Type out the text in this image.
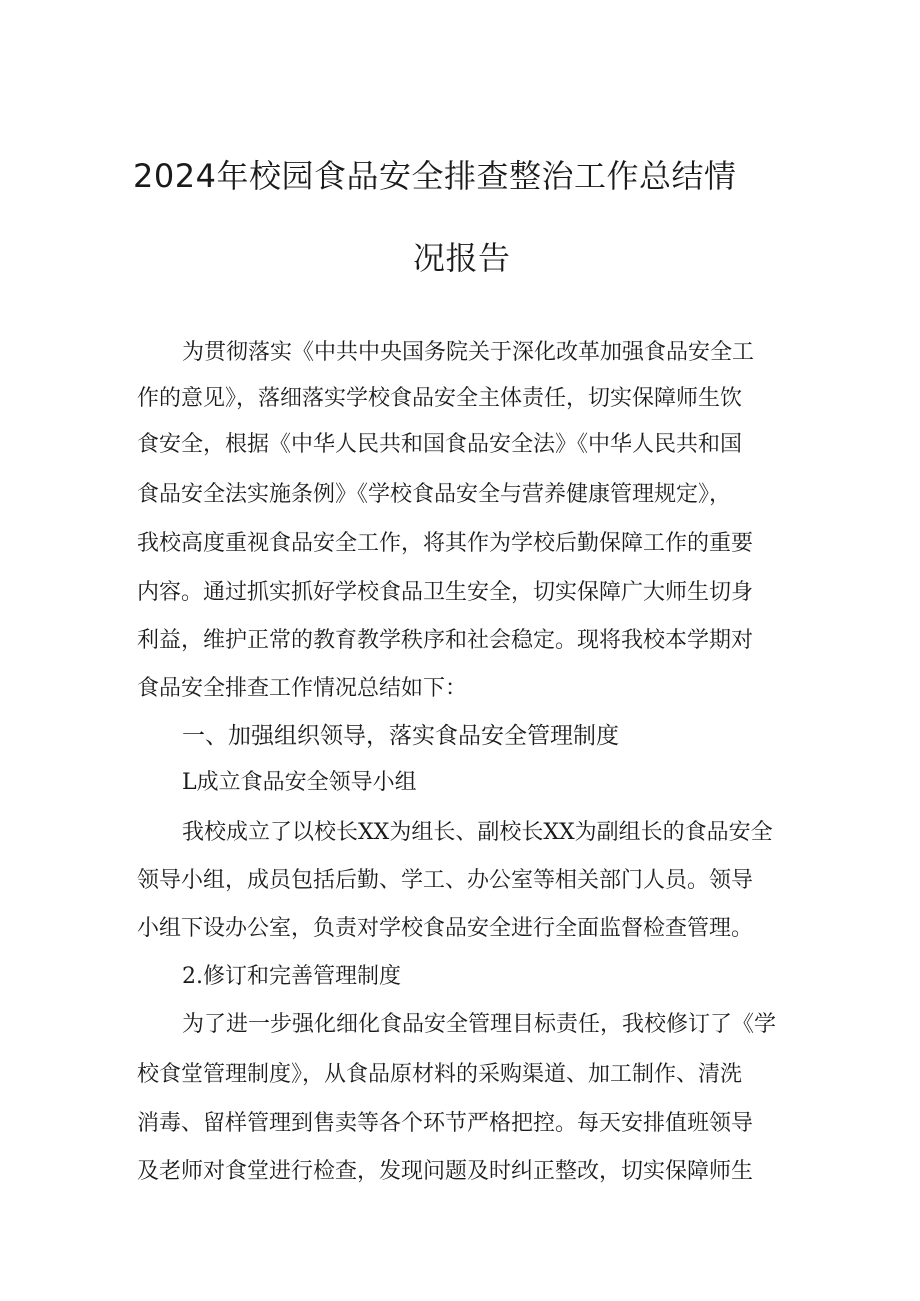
2024年校园食品安全排查整治工作总结情
况报告
为贯彻落实《中共中央国务院关于深化改革加强食品安全工
作的意见》，落细落实学校食品安全主体责任，切实保障师生饮
食安全，根据《中华人民共和国食品安全法》《中华人民共和国
食品安全法实施条例》《学校食品安全与营养健康管理规定》，
我校高度重视食品安全工作，将其作为学校后勤保障工作的重要
内容。通过抓实抓好学校食品卫生安全，切实保障广大师生切身
利益，维护正常的教育教学秩序和社会稳定。现将我校本学期对
食品安全排查工作情况总结如下：
一、加强组织领导，落实食品安全管理制度
L成立食品安全领导小组
我校成立了以校长XX为组长、副校长XX为副组长的食品安全
领导小组，成员包括后勤、学工、办公室等相关部门人员。领导
小组下设办公室，负责对学校食品安全进行全面监督检查管理。
2.修订和完善管理制度
为了进一步强化细化食品安全管理目标责任，我校修订了《学
校食堂管理制度》，从食品原材料的采购渠道、加工制作、清洗
消毒、留样管理到售卖等各个环节严格把控。每天安排值班领导
及老师对食堂进行检查，发现问题及时纠正整改，切实保障师生
